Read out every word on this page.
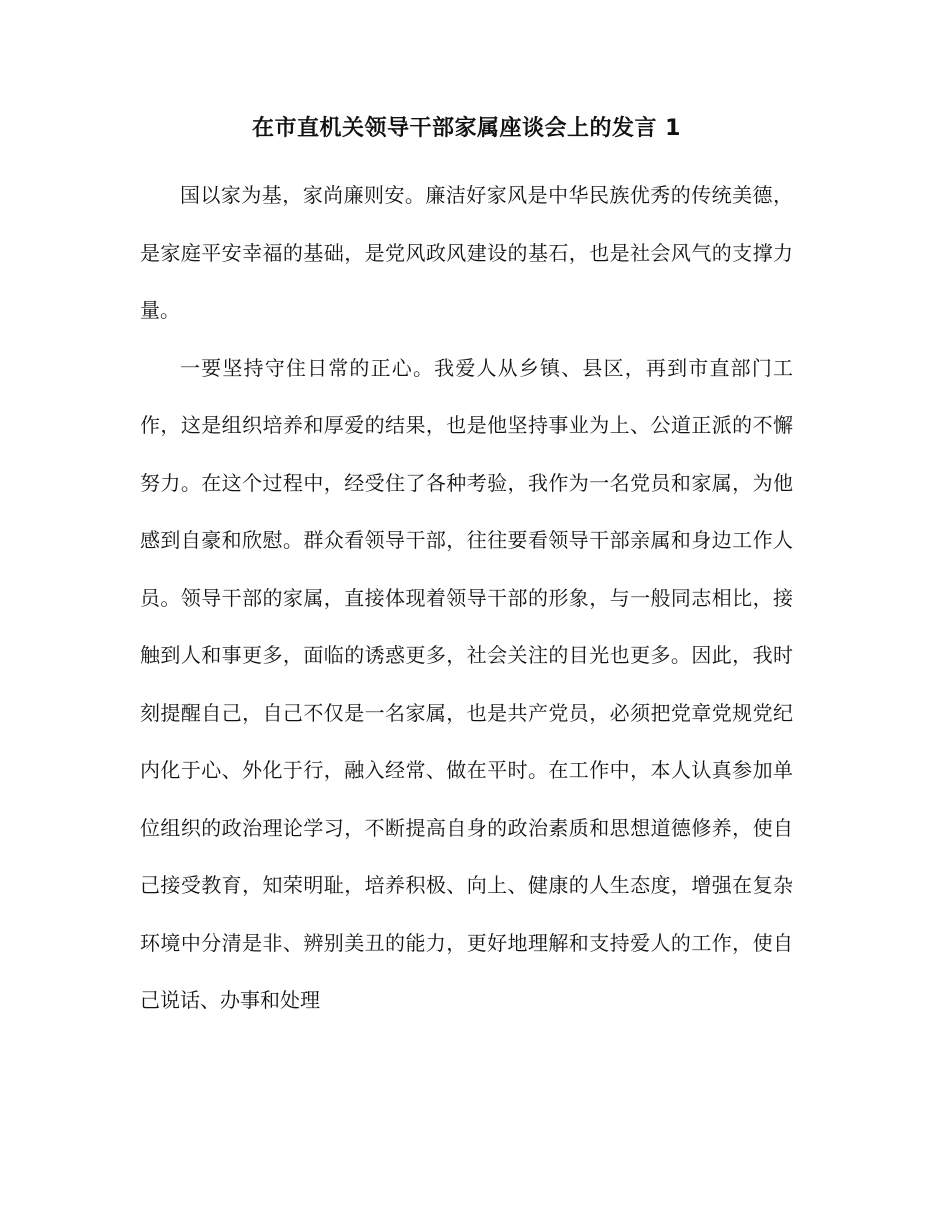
在市直机关领导干部家属座谈会上的发言 1

国以家为基，家尚廉则安。廉洁好家风是中华民族优秀的传统美德，是家庭平安幸福的基础，是党风政风建设的基石，也是社会风气的支撑力量。

一要坚持守住日常的正心。我爱人从乡镇、县区，再到市直部门工作，这是组织培养和厚爱的结果，也是他坚持事业为上、公道正派的不懈努力。在这个过程中，经受住了各种考验，我作为一名党员和家属，为他感到自豪和欣慰。群众看领导干部，往往要看领导干部亲属和身边工作人员。领导干部的家属，直接体现着领导干部的形象，与一般同志相比，接触到人和事更多，面临的诱惑更多，社会关注的目光也更多。因此，我时刻提醒自己，自己不仅是一名家属，也是共产党员，必须把党章党规党纪内化于心、外化于行，融入经常、做在平时。在工作中，本人认真参加单位组织的政治理论学习，不断提高自身的政治素质和思想道德修养，使自己接受教育，知荣明耻，培养积极、向上、健康的人生态度，增强在复杂环境中分清是非、辨别美丑的能力，更好地理解和支持爱人的工作，使自己说话、办事和处理
